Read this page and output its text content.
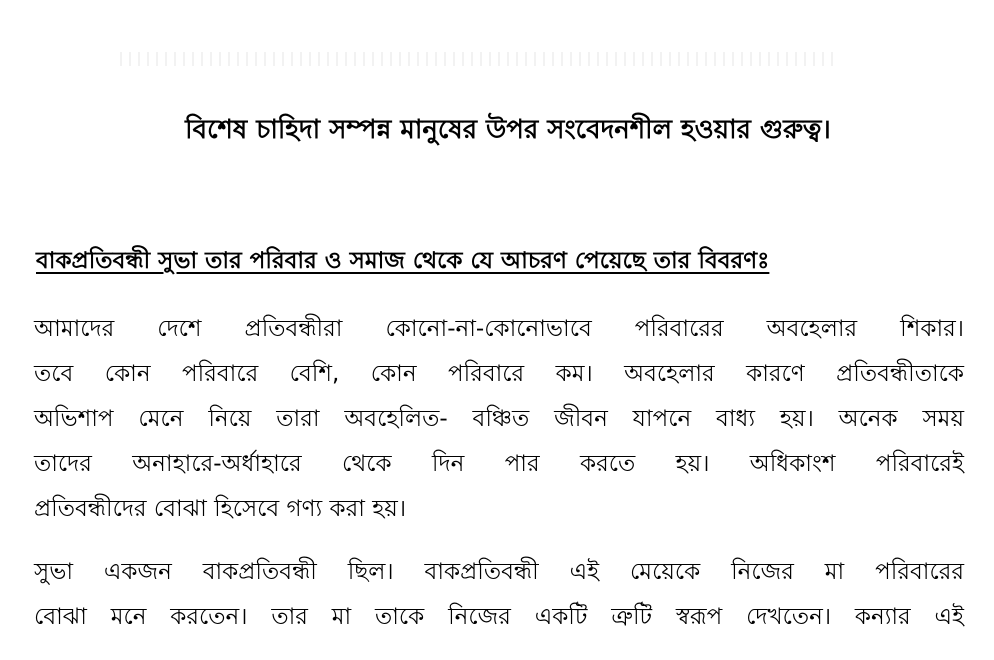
বিশেষ চাহিদা সম্পন্ন মানুষের উপর সংবেদনশীল হওয়ার গুরুত্ব।
বাকপ্রতিবন্ধী সুভা তার পরিবার ও সমাজ থেকে যে আচরণ পেয়েছে তার বিবরণঃ
আমাদের দেশে প্রতিবন্ধীরা কোনো-না-কোনোভাবে পরিবারের অবহেলার শিকার।
তবে কোন পরিবারে বেশি, কোন পরিবারে কম। অবহেলার কারণে প্রতিবন্ধীতাকে
অভিশাপ মেনে নিয়ে তারা অবহেলিত- বঞ্চিত জীবন যাপনে বাধ্য হয়। অনেক সময়
তাদের অনাহারে-অর্ধাহারে থেকে দিন পার করতে হয়। অধিকাংশ পরিবারেই
প্রতিবন্ধীদের বোঝা হিসেবে গণ্য করা হয়।
সুভা একজন বাকপ্রতিবন্ধী ছিল। বাকপ্রতিবন্ধী এই মেয়েকে নিজের মা পরিবারের
বোঝা মনে করতেন। তার মা তাকে নিজের একটি ত্রুটি স্বরূপ দেখতেন। কন্যার এই
